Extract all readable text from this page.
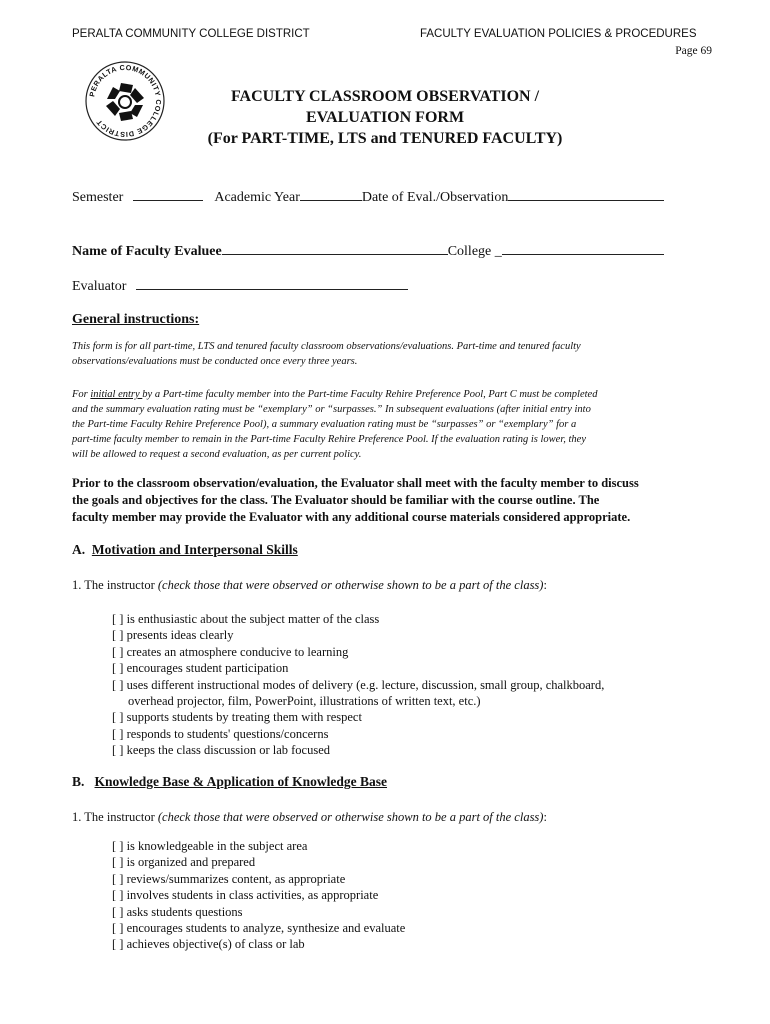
PERALTA COMMUNITY COLLEGE DISTRICT	FACULTY EVALUATION POLICIES & PROCEDURES
Page 69
PERALTA COMMUNITY COLLEGE DISTRICT
FACULTY CLASSROOM OBSERVATION /
EVALUATION FORM
(For PART-TIME, LTS and TENURED FACULTY)
Semester	Academic Year	Date of Eval./Observation
Name of Faculty Evaluee	College _
Evaluator
General instructions:
This form is for all part-time, LTS and tenured faculty classroom observations/evaluations. Part-time and tenured faculty
observations/evaluations must be conducted once every three years.
For initial entry by a Part-time faculty member into the Part-time Faculty Rehire Preference Pool, Part C must be completed
and the summary evaluation rating must be “exemplary” or “surpasses.” In subsequent evaluations (after initial entry into
the Part-time Faculty Rehire Preference Pool), a summary evaluation rating must be “surpasses” or “exemplary” for a
part-time faculty member to remain in the Part-time Faculty Rehire Preference Pool. If the evaluation rating is lower, they
will be allowed to request a second evaluation, as per current policy.
Prior to the classroom observation/evaluation, the Evaluator shall meet with the faculty member to discuss
the goals and objectives for the class. The Evaluator should be familiar with the course outline. The
faculty member may provide the Evaluator with any additional course materials considered appropriate.
A. Motivation and Interpersonal Skills
1. The instructor (check those that were observed or otherwise shown to be a part of the class):
[ ] is enthusiastic about the subject matter of the class
[ ] presents ideas clearly
[ ] creates an atmosphere conducive to learning
[ ] encourages student participation
[ ] uses different instructional modes of delivery (e.g. lecture, discussion, small group, chalkboard,
overhead projector, film, PowerPoint, illustrations of written text, etc.)
[ ] supports students by treating them with respect
[ ] responds to students' questions/concerns
[ ] keeps the class discussion or lab focused
B. Knowledge Base & Application of Knowledge Base
1. The instructor (check those that were observed or otherwise shown to be a part of the class):
[ ] is knowledgeable in the subject area
[ ] is organized and prepared
[ ] reviews/summarizes content, as appropriate
[ ] involves students in class activities, as appropriate
[ ] asks students questions
[ ] encourages students to analyze, synthesize and evaluate
[ ] achieves objective(s) of class or lab
